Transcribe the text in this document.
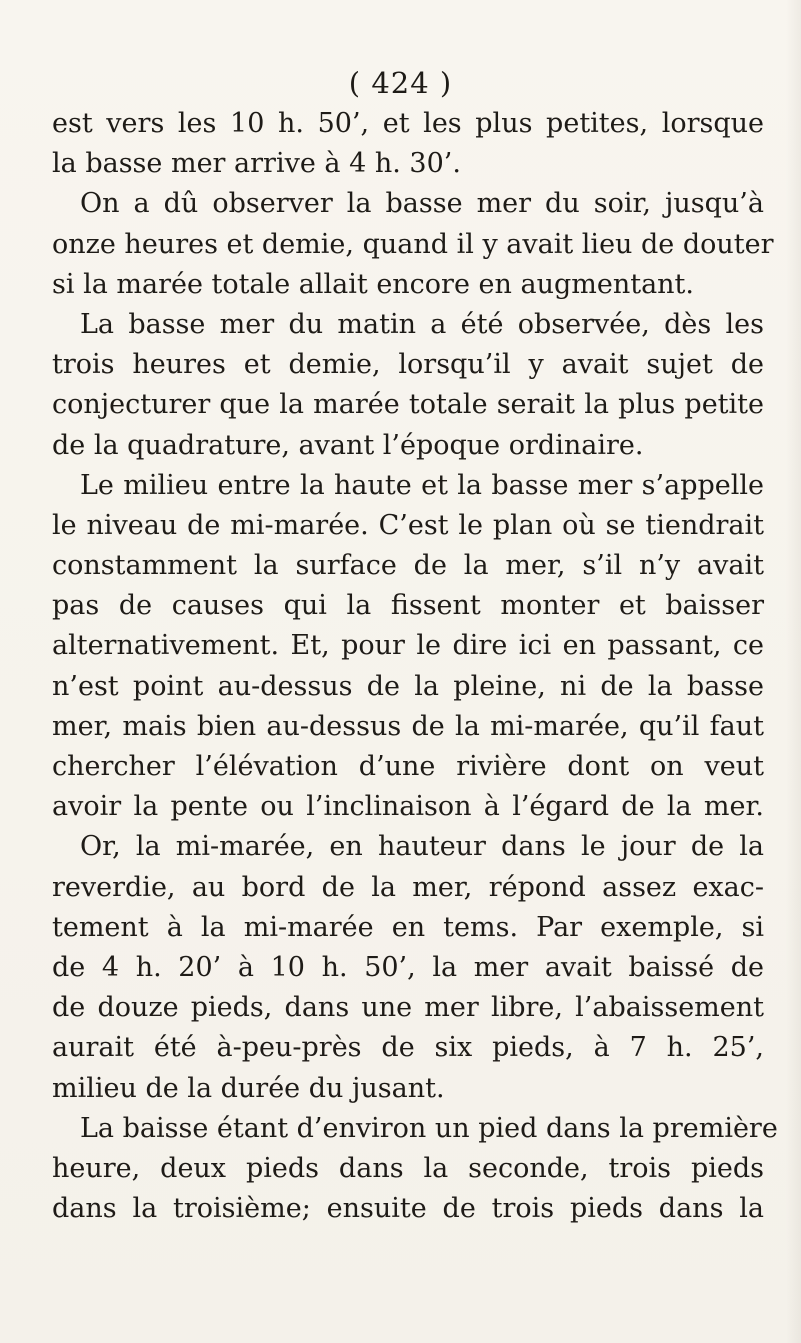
( 424 )
est vers les 10 h. 50’, et les plus petites, lorsque
la basse mer arrive à 4 h. 30’.
On a dû observer la basse mer du soir, jusqu’à
onze heures et demie, quand il y avait lieu de douter
si la marée totale allait encore en augmentant.
La basse mer du matin a été observée, dès les
trois heures et demie, lorsqu’il y avait sujet de
conjecturer que la marée totale serait la plus petite
de la quadrature, avant l’époque ordinaire.
Le milieu entre la haute et la basse mer s’appelle
le niveau de mi-marée. C’est le plan où se tiendrait
constamment la surface de la mer, s’il n’y avait
pas de causes qui la fissent monter et baisser
alternativement. Et, pour le dire ici en passant, ce
n’est point au-dessus de la pleine, ni de la basse
mer, mais bien au-dessus de la mi-marée, qu’il faut
chercher l’élévation d’une rivière dont on veut
avoir la pente ou l’inclinaison à l’égard de la mer.
Or, la mi-marée, en hauteur dans le jour de la
reverdie, au bord de la mer, répond assez exac-
tement à la mi-marée en tems. Par exemple, si
de 4 h. 20’ à 10 h. 50’, la mer avait baissé de
de douze pieds, dans une mer libre, l’abaissement
aurait été à-peu-près de six pieds, à 7 h. 25’,
milieu de la durée du jusant.
La baisse étant d’environ un pied dans la première
heure, deux pieds dans la seconde, trois pieds
dans la troisième; ensuite de trois pieds dans la
